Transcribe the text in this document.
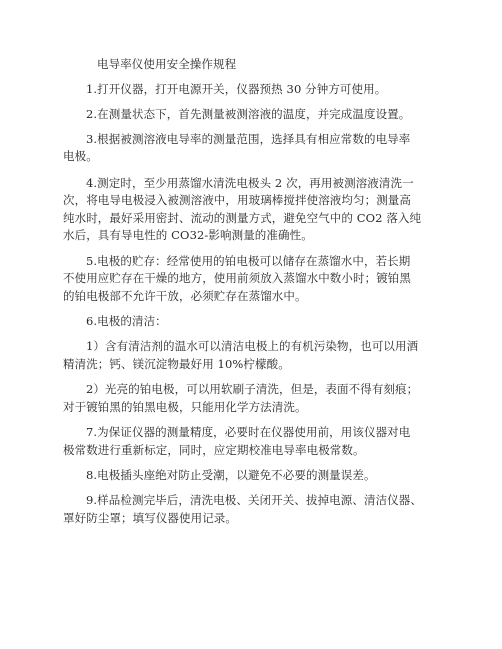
电导率仪使用安全操作规程

1.打开仪器，打开电源开关，仪器预热 30 分钟方可使用。

2.在测量状态下，首先测量被测溶液的温度，并完成温度设置。

3.根据被测溶液电导率的测量范围，选择具有相应常数的电导率

电极。

4.测定时，至少用蒸馏水清洗电极头 2 次，再用被测溶液清洗一

次，将电导电极浸入被测溶液中，用玻璃棒搅拌使溶液均匀；测量高

纯水时，最好采用密封、流动的测量方式，避免空气中的 CO2 落入纯

水后，具有导电性的 CO32-影响测量的准确性。

5.电极的贮存：经常使用的铂电极可以储存在蒸馏水中，若长期

不使用应贮存在干燥的地方，使用前须放入蒸馏水中数小时；镀铂黑

的铂电极部不允许干放，必须贮存在蒸馏水中。

6.电极的清洁：

1）含有清洁剂的温水可以清洁电极上的有机污染物，也可以用酒

精清洗；钙、镁沉淀物最好用 10%柠檬酸。

2）光亮的铂电极，可以用软刷子清洗，但是，表面不得有刻痕；

对于镀铂黑的铂黑电极，只能用化学方法清洗。

7.为保证仪器的测量精度，必要时在仪器使用前，用该仪器对电

极常数进行重新标定，同时，应定期校准电导率电极常数。

8.电极插头座绝对防止受潮，以避免不必要的测量误差。

9.样品检测完毕后，清洗电极、关闭开关、拔掉电源、清洁仪器、

罩好防尘罩；填写仪器使用记录。
